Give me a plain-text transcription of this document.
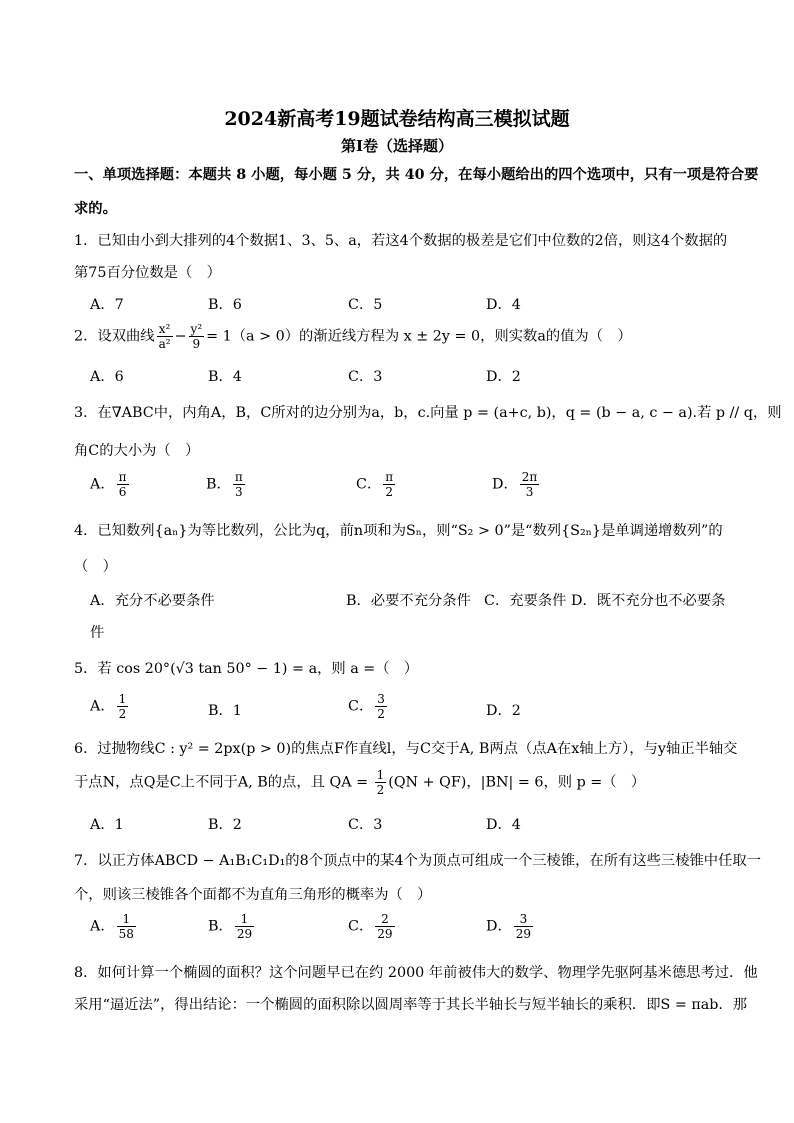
2024新高考19题试卷结构高三模拟试题
第I卷（选择题）
一、单项选择题：本题共 8 小题，每小题 5 分，共 40 分，在每小题给出的四个选项中，只有一项是符合要
求的。
1．已知由小到大排列的4个数据1、3、5、a，若这4个数据的极差是它们中位数的2倍，则这4个数据的
第75百分位数是（　）
A．7	B．6	C．5	D．4
2．设双曲线 $\frac{\text{x²}}{\text{a²}} - \frac{\text{y²}}{9} = 1(a > 0)$的渐近线方程为 x ± 2y = 0，则实数a的值为（　）
A．6	B．4	C．3	D．2
3．在∇ABC中，内角A，B，C所对的边分别为a，b，c.向量 p = (a+c, b)，q = (b − a, c − a).若 p // q，则
角C的大小为（　）
A． $\frac{\pi}{6}$	B． $\frac{\pi}{3}$	C． $\frac{\pi}{2}$	D． $\frac{2\pi}{3}$
4．已知数列{aₙ}为等比数列，公比为q，前n项和为Sₙ，则“S₂ > 0”是“数列{S₂ₙ}是单调递增数列”的
（　）
A．充分不必要条件	B．必要不充分条件 C．充要条件 D．既不充分也不必要条
件
5．若 cos 20°(√3 tan 50° − 1) = a，则 a =（　）
A． $\frac{1}{2}$	B．1	C． $\frac{3}{2}$	D．2
6．过抛物线C : y² = 2px(p > 0)的焦点F作直线l，与C交于A, B两点（点A在x轴上方），与y轴正半轴交
于点N，点Q是C上不同于A, B的点，且 QA = $\frac{1}{2} (QN + QF)$，|BN| = 6，则 p =（　）
A．1	B．2	C．3	D．4
7．以正方体ABCD − A₁B₁C₁D₁的8个顶点中的某4个为顶点可组成一个三棱锥，在所有这些三棱锥中任取一
个，则该三棱锥各个面都不为直角三角形的概率为（　）
A． $\frac{1}{58}$	B． $\frac{1}{29}$	C． $\frac{2}{29}$	D． $\frac{3}{29}$
8．如何计算一个椭圆的面积？这个问题早已在约 2000 年前被伟大的数学、物理学先驱阿基米德思考过．他
采用“逼近法”，得出结论：一个椭圆的面积除以圆周率等于其长半轴长与短半轴长的乘积．即S = πab．那
